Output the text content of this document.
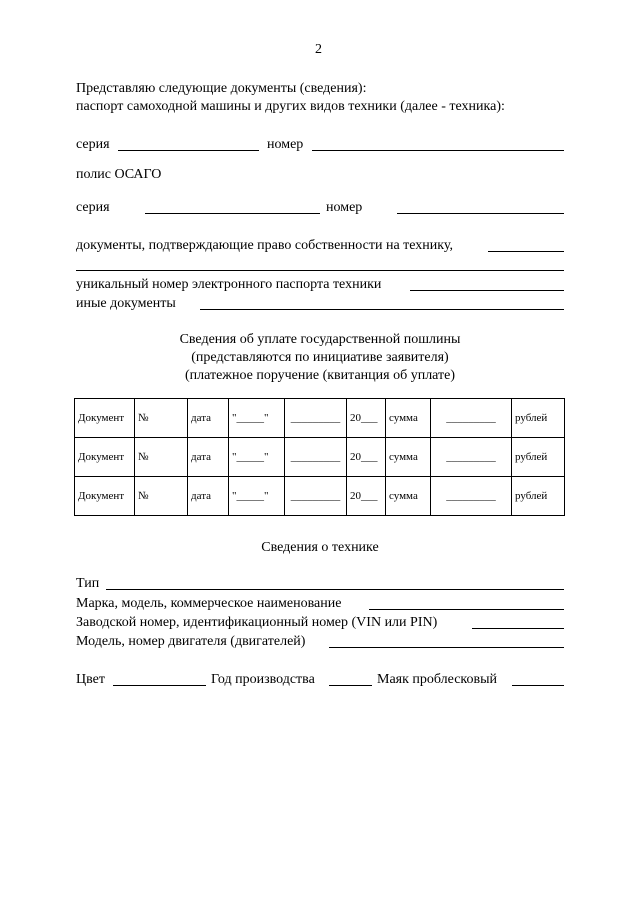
2
Представляю следующие документы (сведения):
паспорт самоходной машины и других видов техники (далее - техника):
серия	номер
полис ОСАГО
серия	номер
документы, подтверждающие право собственности на технику,
уникальный номер электронного паспорта техники
иные документы
Сведения об уплате государственной пошлины
(представляются по инициативе заявителя)
(платежное поручение (квитанция об уплате)
Документ	№	дата	"_____"	_________	20___	сумма	_________	рублей
Документ	№	дата	"_____"	_________	20___	сумма	_________	рублей
Документ	№	дата	"_____"	_________	20___	сумма	_________	рублей
Сведения о технике
Тип
Марка, модель, коммерческое наименование
Заводской номер, идентификационный номер (VIN или PIN)
Модель, номер двигателя (двигателей)
Цвет	Год производства	Маяк проблесковый
